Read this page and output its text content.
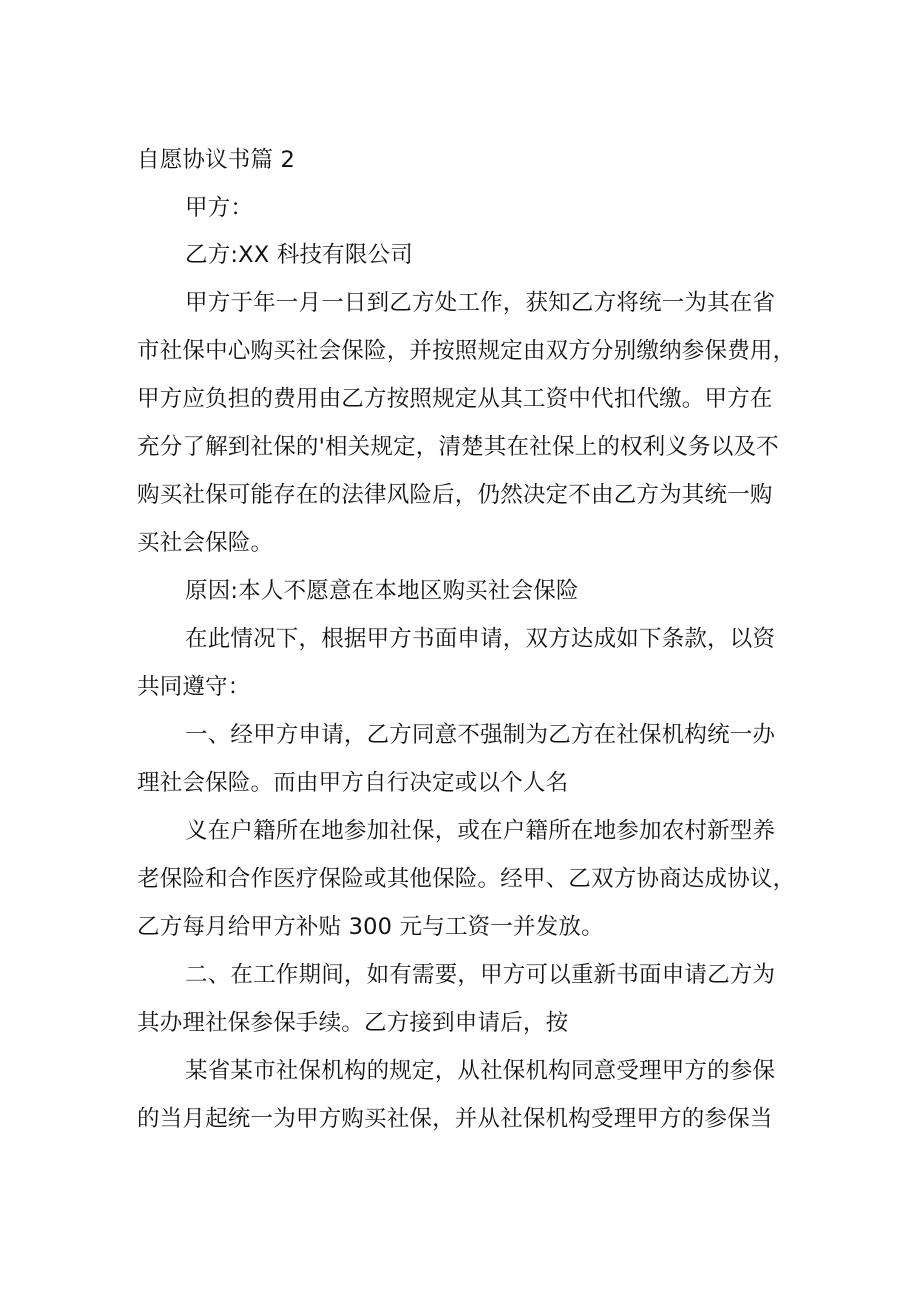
自愿协议书篇 2
甲方：
乙方:XX 科技有限公司
甲方于年一月一日到乙方处工作，获知乙方将统一为其在省
市社保中心购买社会保险，并按照规定由双方分别缴纳参保费用，
甲方应负担的费用由乙方按照规定从其工资中代扣代缴。甲方在
充分了解到社保的'相关规定，清楚其在社保上的权利义务以及不
购买社保可能存在的法律风险后，仍然决定不由乙方为其统一购
买社会保险。
原因:本人不愿意在本地区购买社会保险
在此情况下，根据甲方书面申请，双方达成如下条款，以资
共同遵守：
一、经甲方申请，乙方同意不强制为乙方在社保机构统一办
理社会保险。而由甲方自行决定或以个人名
义在户籍所在地参加社保，或在户籍所在地参加农村新型养
老保险和合作医疗保险或其他保险。经甲、乙双方协商达成协议，
乙方每月给甲方补贴 300 元与工资一并发放。
二、在工作期间，如有需要，甲方可以重新书面申请乙方为
其办理社保参保手续。乙方接到申请后，按
某省某市社保机构的规定，从社保机构同意受理甲方的参保
的当月起统一为甲方购买社保，并从社保机构受理甲方的参保当
